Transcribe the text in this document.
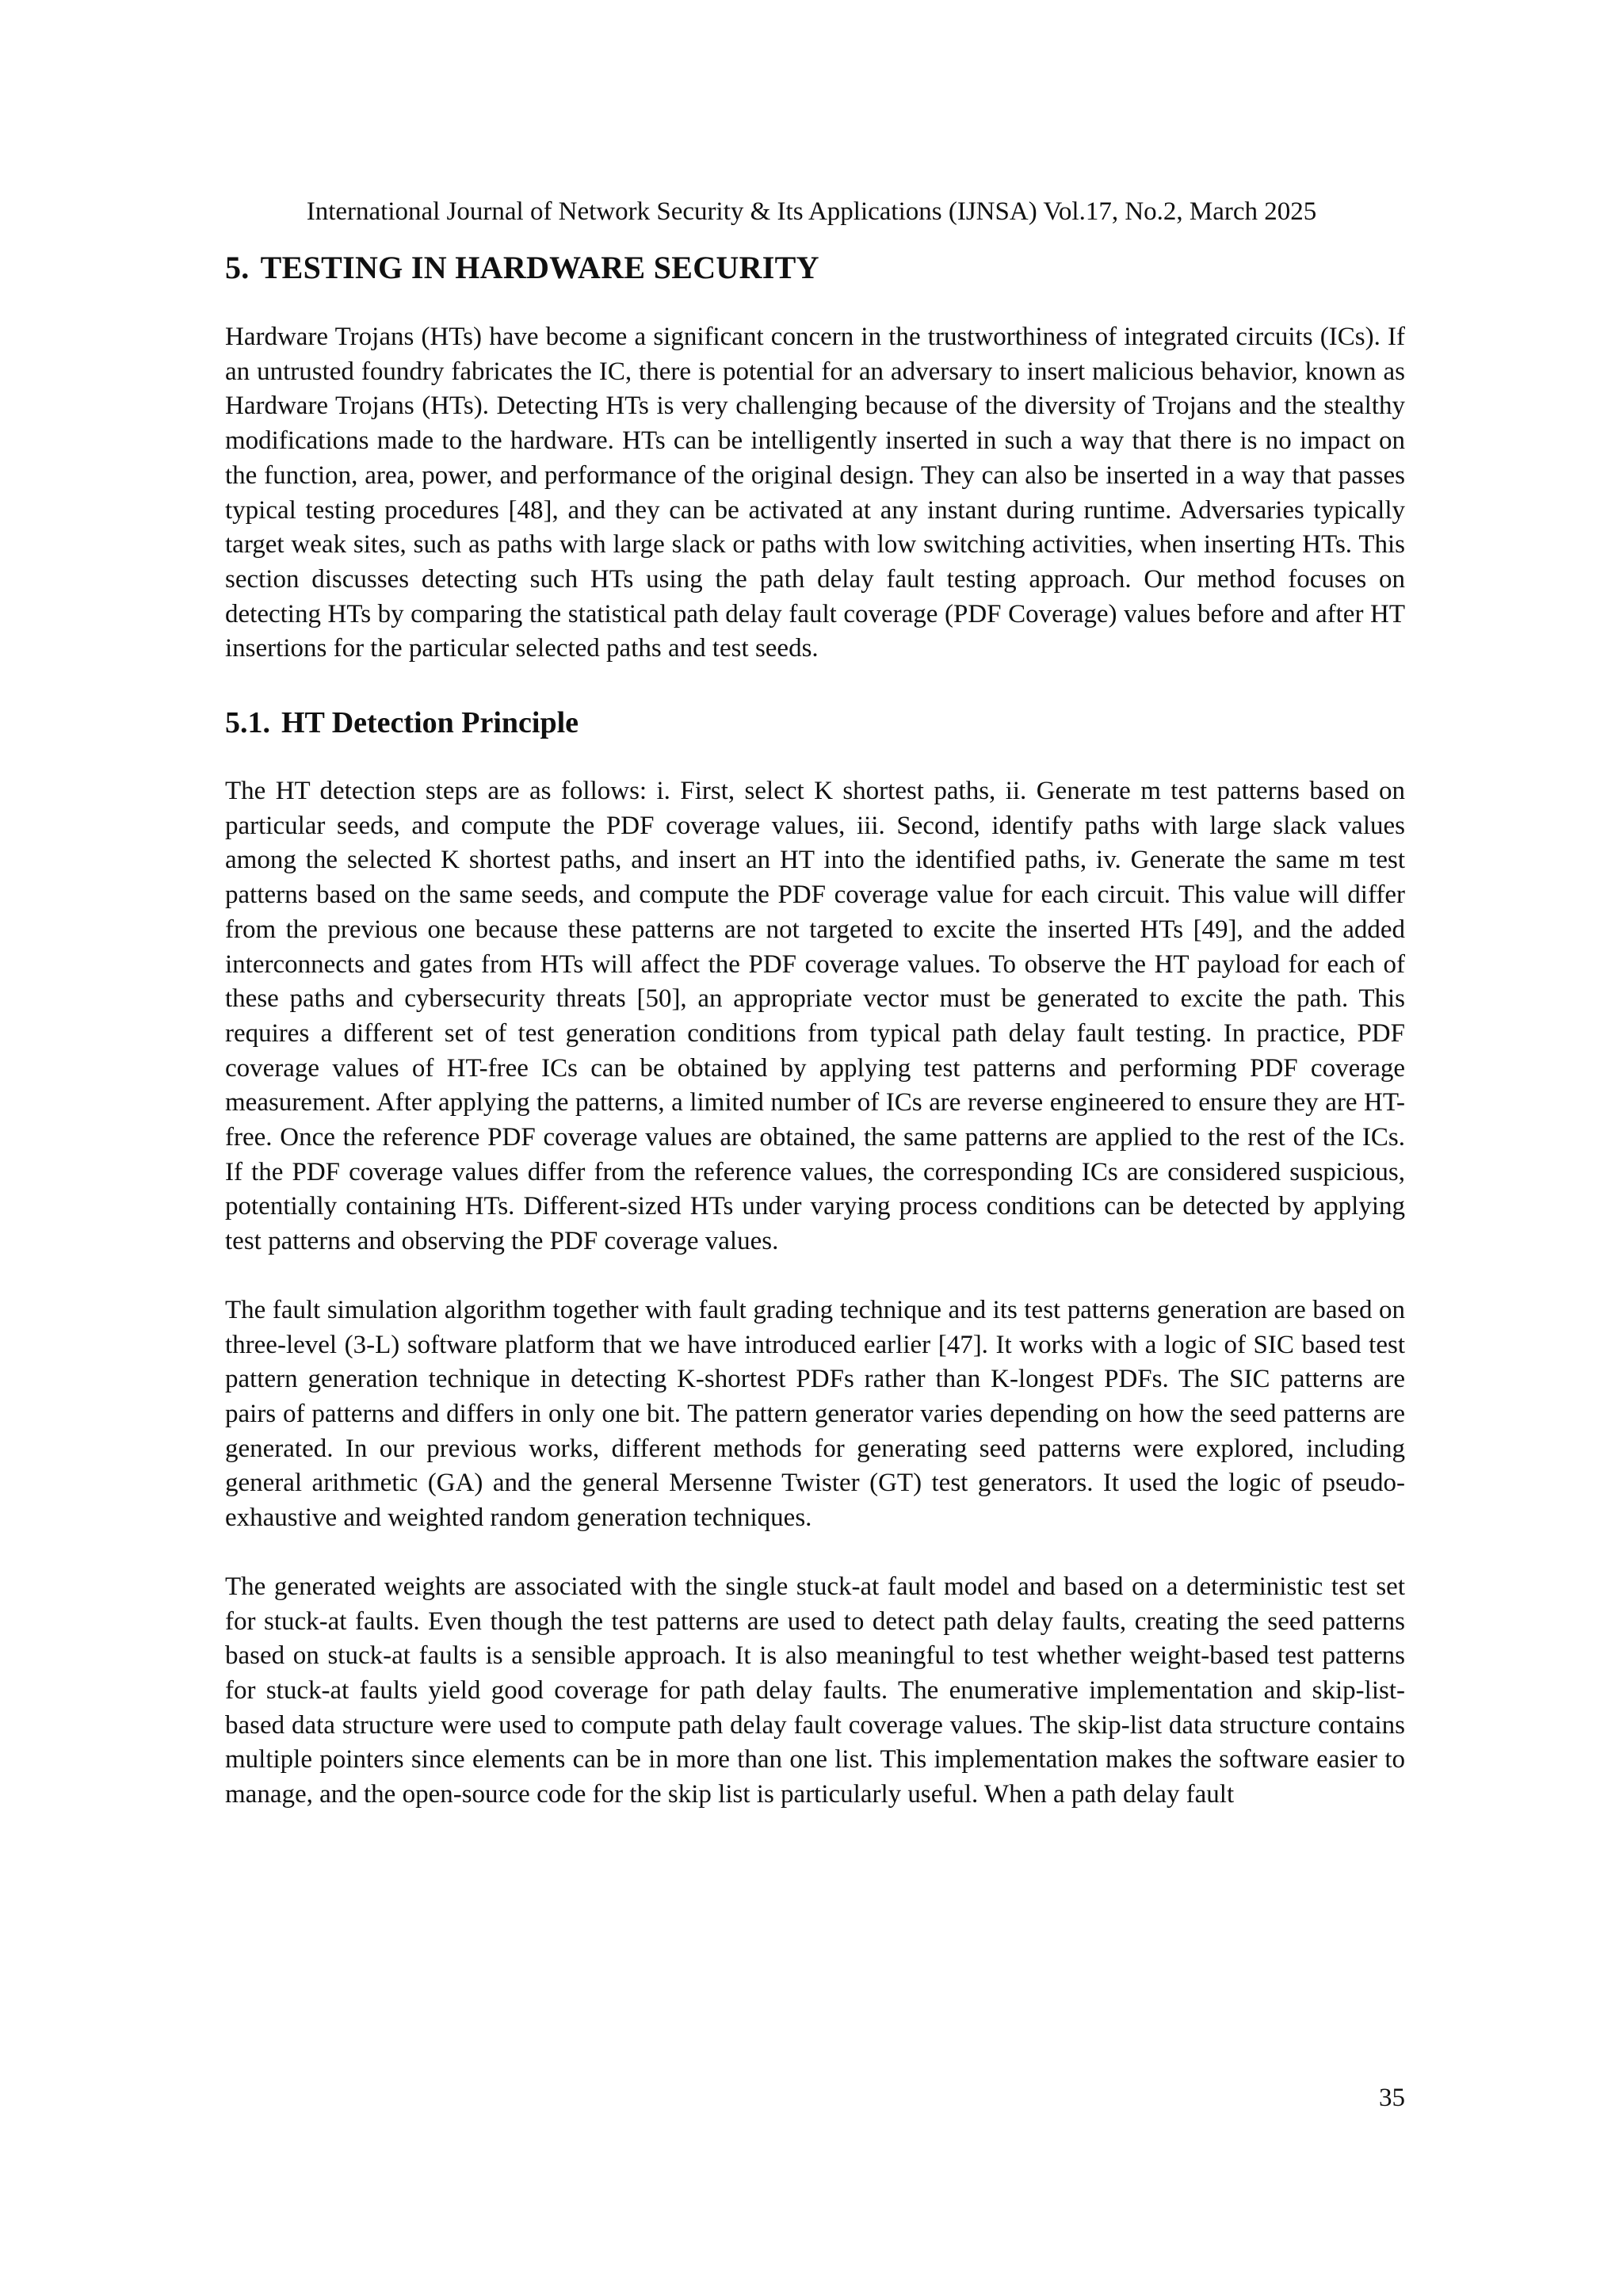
International Journal of Network Security & Its Applications (IJNSA) Vol.17, No.2, March 2025
5. TESTING IN HARDWARE SECURITY

Hardware Trojans (HTs) have become a significant concern in the trustworthiness of integrated circuits (ICs). If an untrusted foundry fabricates the IC, there is potential for an adversary to insert malicious behavior, known as Hardware Trojans (HTs). Detecting HTs is very challenging because of the diversity of Trojans and the stealthy modifications made to the hardware. HTs can be intelligently inserted in such a way that there is no impact on the function, area, power, and performance of the original design. They can also be inserted in a way that passes typical testing procedures [48], and they can be activated at any instant during runtime. Adversaries typically target weak sites, such as paths with large slack or paths with low switching activities, when inserting HTs. This section discusses detecting such HTs using the path delay fault testing approach. Our method focuses on detecting HTs by comparing the statistical path delay fault coverage (PDF Coverage) values before and after HT insertions for the particular selected paths and test seeds.

5.1. HT Detection Principle

The HT detection steps are as follows: i. First, select K shortest paths, ii. Generate m test patterns based on particular seeds, and compute the PDF coverage values, iii. Second, identify paths with large slack values among the selected K shortest paths, and insert an HT into the identified paths, iv. Generate the same m test patterns based on the same seeds, and compute the PDF coverage value for each circuit. This value will differ from the previous one because these patterns are not targeted to excite the inserted HTs [49], and the added interconnects and gates from HTs will affect the PDF coverage values. To observe the HT payload for each of these paths and cybersecurity threats [50], an appropriate vector must be generated to excite the path. This requires a different set of test generation conditions from typical path delay fault testing. In practice, PDF coverage values of HT-free ICs can be obtained by applying test patterns and performing PDF coverage measurement. After applying the patterns, a limited number of ICs are reverse engineered to ensure they are HT-free. Once the reference PDF coverage values are obtained, the same patterns are applied to the rest of the ICs. If the PDF coverage values differ from the reference values, the corresponding ICs are considered suspicious, potentially containing HTs. Different-sized HTs under varying process conditions can be detected by applying test patterns and observing the PDF coverage values.

The fault simulation algorithm together with fault grading technique and its test patterns generation are based on three-level (3-L) software platform that we have introduced earlier [47]. It works with a logic of SIC based test pattern generation technique in detecting K-shortest PDFs rather than K-longest PDFs. The SIC patterns are pairs of patterns and differs in only one bit. The pattern generator varies depending on how the seed patterns are generated. In our previous works, different methods for generating seed patterns were explored, including general arithmetic (GA) and the general Mersenne Twister (GT) test generators. It used the logic of pseudo-exhaustive and weighted random generation techniques.

The generated weights are associated with the single stuck-at fault model and based on a deterministic test set for stuck-at faults. Even though the test patterns are used to detect path delay faults, creating the seed patterns based on stuck-at faults is a sensible approach. It is also meaningful to test whether weight-based test patterns for stuck-at faults yield good coverage for path delay faults. The enumerative implementation and skip-list-based data structure were used to compute path delay fault coverage values. The skip-list data structure contains multiple pointers since elements can be in more than one list. This implementation makes the software easier to manage, and the open-source code for the skip list is particularly useful. When a path delay fault

35
